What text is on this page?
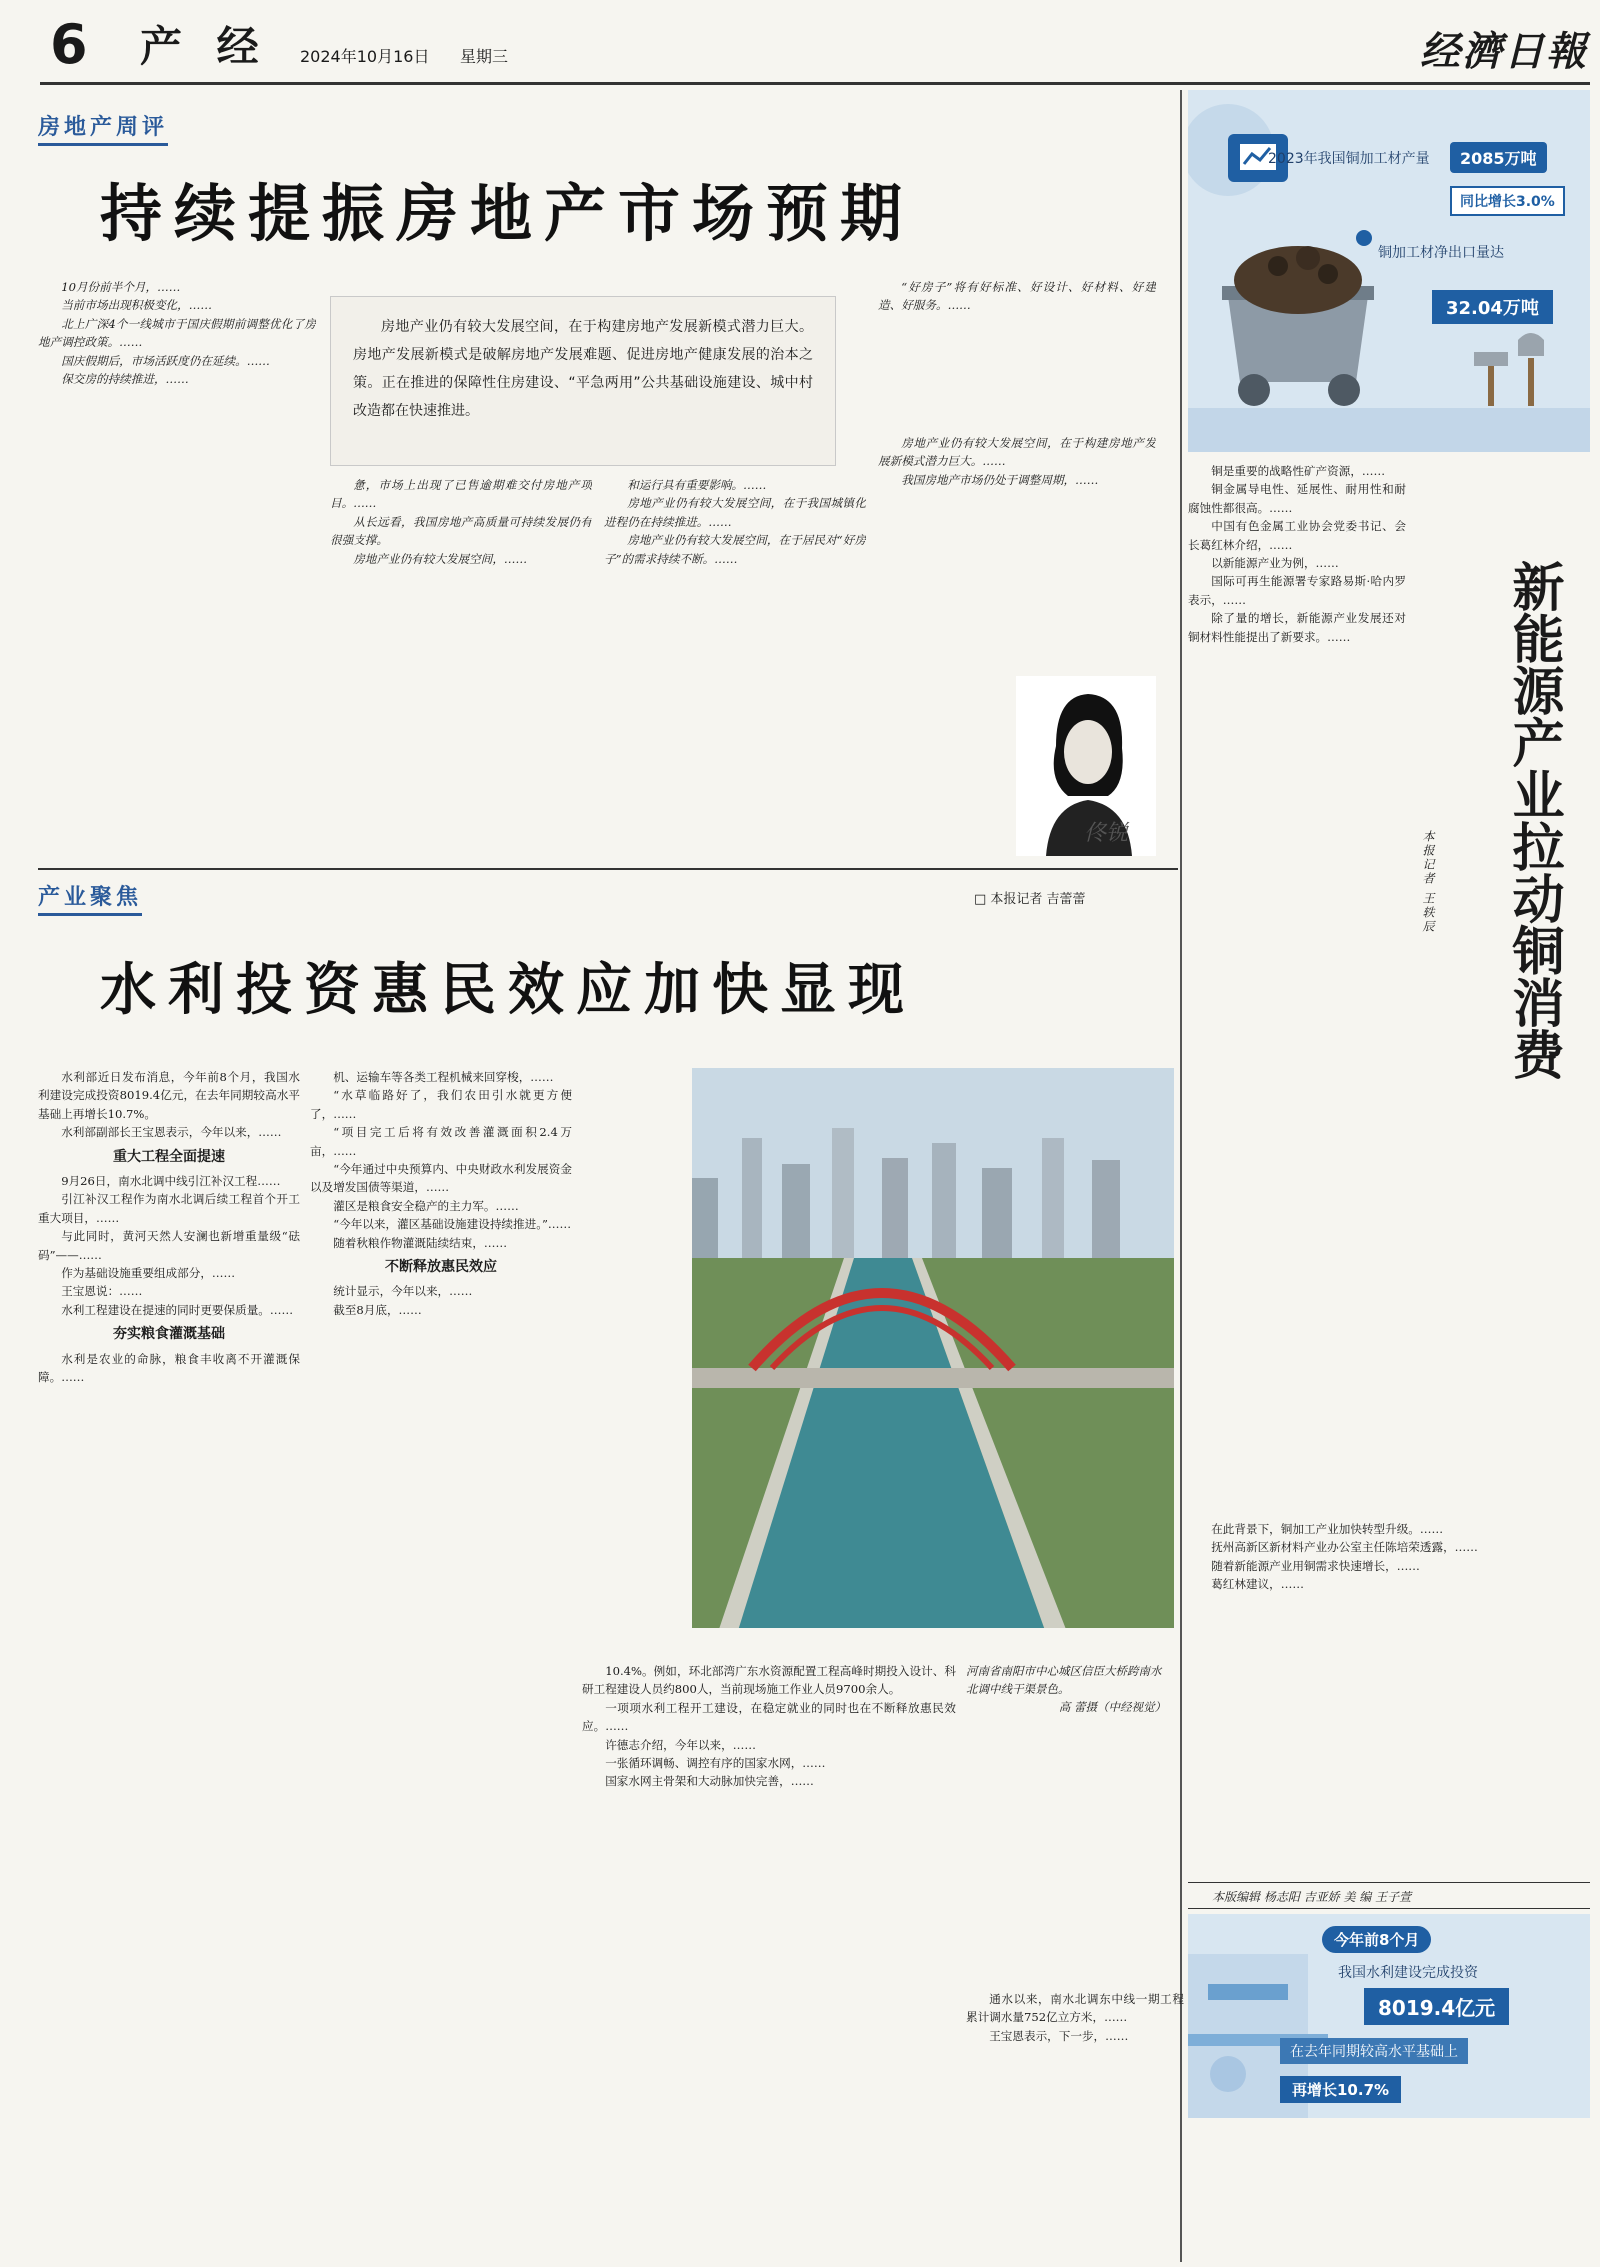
6 产 经 2024年10月16日 星期三	经濟日報
房地产周评
持续提振房地产市场预期

10月份前半个月，……

当前市场出现积极变化，……

北上广深4个一线城市于国庆假期前调整优化了房地产调控政策。……

国庆假期后，市场活跃度仍在延续。……

保交房的持续推进，……

房地产业仍有较大发展空间，在于构建房地产发展新模式潜力巨大。房地产发展新模式是破解房地产发展难题、促进房地产健康发展的治本之策。正在推进的保障性住房建设、“平急两用”公共基础设施建设、城中村改造都在快速推进。

惫，市场上出现了已售逾期难交付房地产项目。……

从长远看，我国房地产高质量可持续发展仍有很强支撑。

房地产业仍有较大发展空间，……

和运行具有重要影响。……

房地产业仍有较大发展空间，在于我国城镇化进程仍在持续推进。……

房地产业仍有较大发展空间，在于居民对“好房子”的需求持续不断。……

“好房子”将有好标准、好设计、好材料、好建造、好服务。……

房地产业仍有较大发展空间，在于构建房地产发展新模式潜力巨大。……

我国房地产市场仍处于调整周期，……

佟锐
产业聚焦	□ 本报记者 吉蕾蕾
水利投资惠民效应加快显现

水利部近日发布消息，今年前8个月，我国水利建设完成投资8019.4亿元，在去年同期较高水平基础上再增长10.7%。

水利部副部长王宝恩表示，今年以来，……

重大工程全面提速

9月26日，南水北调中线引江补汉工程……

引江补汉工程作为南水北调后续工程首个开工重大项目，……

与此同时，黄河天然人安澜也新增重量级“砝码”——……

作为基础设施重要组成部分，……

王宝恩说：……

水利工程建设在提速的同时更要保质量。……

夯实粮食灌溉基础

水利是农业的命脉，粮食丰收离不开灌溉保障。……

机、运输车等各类工程机械来回穿梭，……

“水草临路好了，我们农田引水就更方便了，……

“项目完工后将有效改善灌溉面积2.4万亩，……

“今年通过中央预算内、中央财政水利发展资金以及增发国债等渠道，……

灌区是粮食安全稳产的主力军。……

“今年以来，灌区基础设施建设持续推进。”……

随着秋粮作物灌溉陆续结束，……

不断释放惠民效应

统计显示，今年以来，……

截至8月底，……

河南省南阳市中心城区信臣大桥跨南水北调中线干渠景色。
高 蕾摄（中经视觉）

10.4%。例如，环北部湾广东水资源配置工程高峰时期投入设计、科研工程建设人员约800人，当前现场施工作业人员9700余人。

一项项水利工程开工建设，在稳定就业的同时也在不断释放惠民效应。……

许德志介绍，今年以来，……

一张循环调畅、调控有序的国家水网，……

国家水网主骨架和大动脉加快完善，……

2023年我国铜加工材产量	2085万吨
同比增长3.0%
铜加工材净出口量达
32.04万吨

铜是重要的战略性矿产资源，……

铜金属导电性、延展性、耐用性和耐腐蚀性都很高。……

中国有色金属工业协会党委书记、会长葛红林介绍，……

以新能源产业为例，……

国际可再生能源署专家路易斯·哈内罗表示，……

除了量的增长，新能源产业发展还对铜材料性能提出了新要求。……

在此背景下，铜加工产业加快转型升级。……

抚州高新区新材料产业办公室主任陈培荣透露，……

随着新能源产业用铜需求快速增长，……

葛红林建议，……

新能源产业拉动铜消费
本报记者 王轶辰
本版编辑 杨志阳 吉亚娇 美 编 王子萱
今年前8个月
我国水利建设完成投资
8019.4亿元
在去年同期较高水平基础上
再增长10.7%

通水以来，南水北调东中线一期工程累计调水量752亿立方米，……

王宝恩表示，下一步，……
